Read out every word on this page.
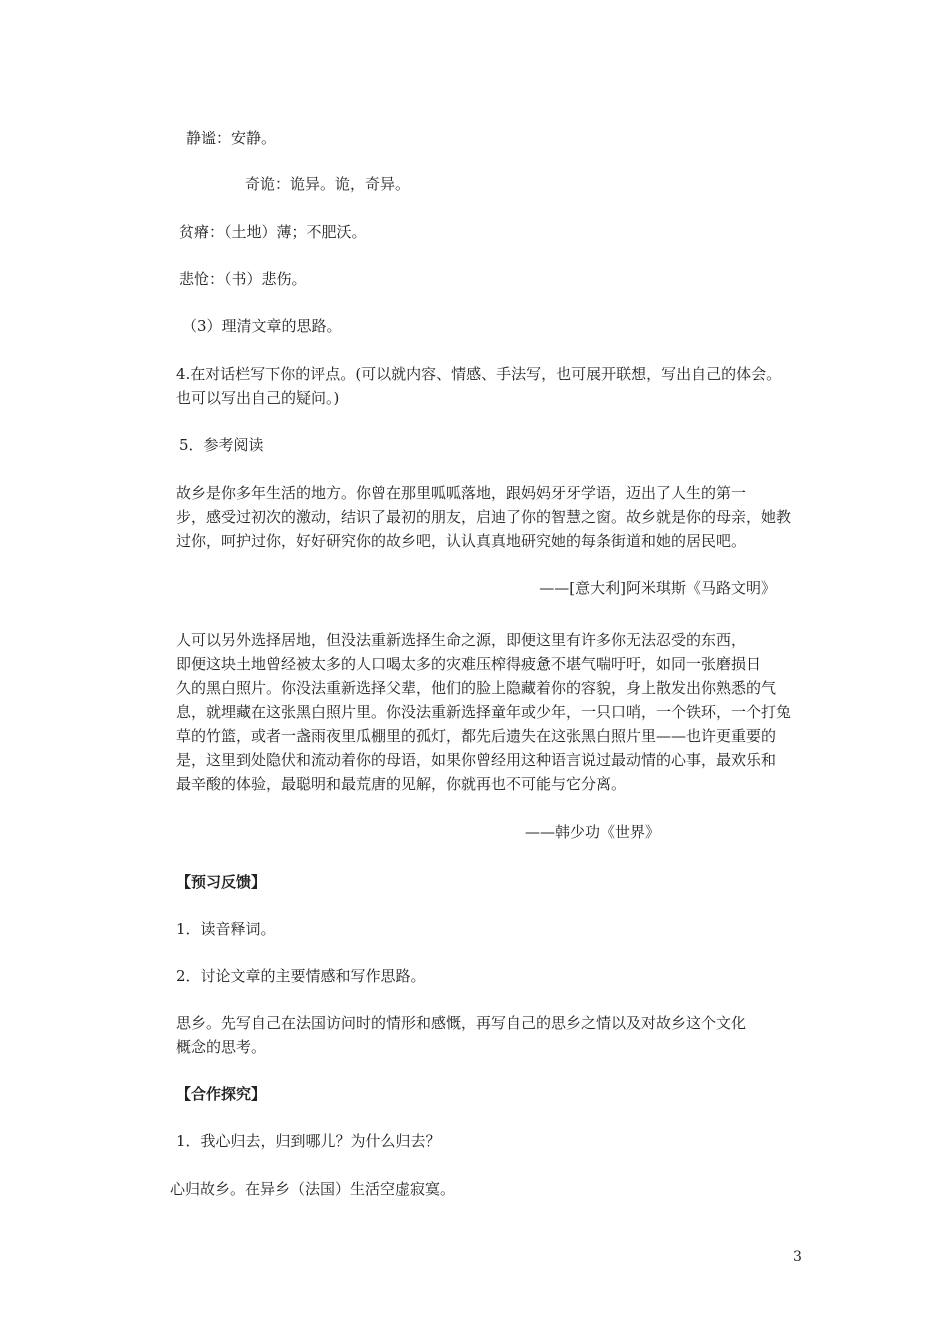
静谧：安静。
奇诡：诡异。诡，奇异。
贫瘠：（土地）薄；不肥沃。
悲怆：（书）悲伤。
（3）理清文章的思路。
4.在对话栏写下你的评点。(可以就内容、情感、手法写，也可展开联想，写出自己的体会。
也可以写出自己的疑问。)
5．参考阅读
故乡是你多年生活的地方。你曾在那里呱呱落地，跟妈妈牙牙学语，迈出了人生的第一
步，感受过初次的激动，结识了最初的朋友，启迪了你的智慧之窗。故乡就是你的母亲，她教
过你，呵护过你，好好研究你的故乡吧，认认真真地研究她的每条街道和她的居民吧。
——[意大利]阿米琪斯《马路文明》
人可以另外选择居地，但没法重新选择生命之源，即便这里有许多你无法忍受的东西，
即便这块土地曾经被太多的人口喝太多的灾难压榨得疲惫不堪气喘吁吁，如同一张磨损日
久的黑白照片。你没法重新选择父辈，他们的脸上隐藏着你的容貌，身上散发出你熟悉的气
息，就埋藏在这张黑白照片里。你没法重新选择童年或少年，一只口哨，一个铁环，一个打兔
草的竹篮，或者一盏雨夜里瓜棚里的孤灯，都先后遗失在这张黑白照片里——也许更重要的
是，这里到处隐伏和流动着你的母语，如果你曾经用这种语言说过最动情的心事，最欢乐和
最辛酸的体验，最聪明和最荒唐的见解，你就再也不可能与它分离。
——韩少功《世界》
【预习反馈】
1．读音释词。
2．讨论文章的主要情感和写作思路。
思乡。先写自己在法国访问时的情形和感慨，再写自己的思乡之情以及对故乡这个文化
概念的思考。
【合作探究】
1．我心归去，归到哪儿？为什么归去？
心归故乡。在异乡（法国）生活空虚寂寞。
3
